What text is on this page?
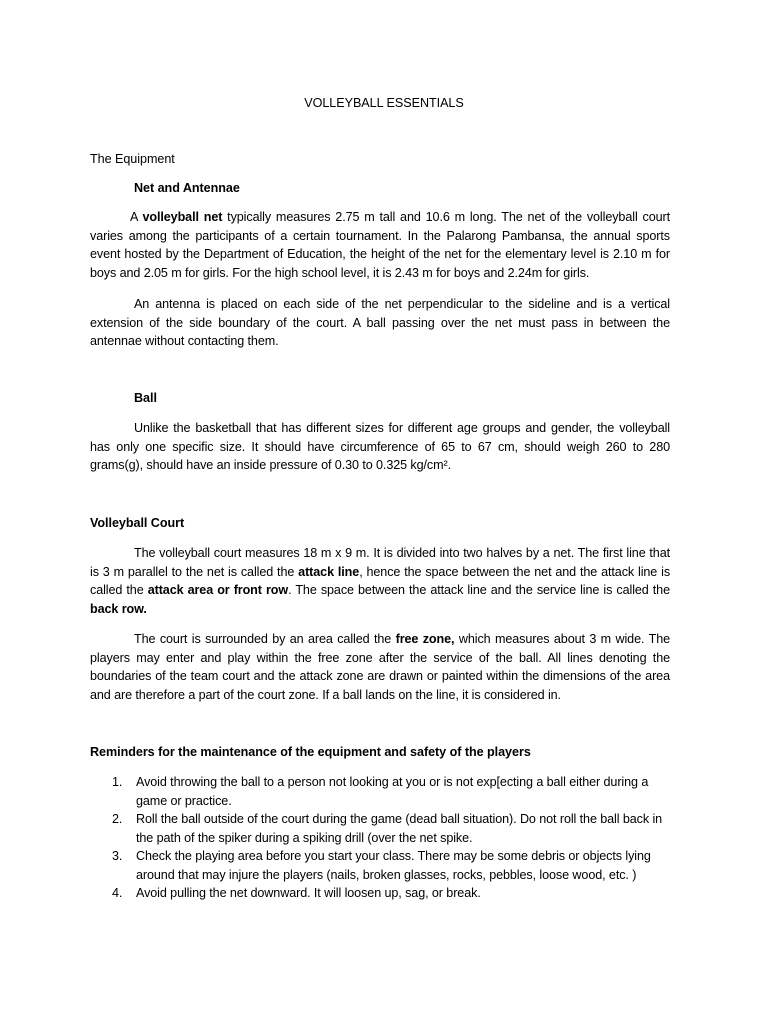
VOLLEYBALL ESSENTIALS
The Equipment
Net and Antennae
A volleyball net typically measures 2.75 m tall and 10.6 m long. The net of the volleyball court varies among the participants of a certain tournament. In the Palarong Pambansa, the annual sports event hosted by the Department of Education, the height of the net for the elementary level is 2.10 m for boys and 2.05 m for girls. For the high school level, it is 2.43 m for boys and 2.24m for girls.
An antenna is placed on each side of the net perpendicular to the sideline and is a vertical extension of the side boundary of the court. A ball passing over the net must pass in between the antennae without contacting them.
Ball
Unlike the basketball that has different sizes for different age groups and gender, the volleyball has only one specific size. It should have circumference of 65 to 67 cm, should weigh 260 to 280 grams(g), should have an inside pressure of 0.30 to 0.325 kg/cm².
Volleyball Court
The volleyball court measures 18 m x 9 m. It is divided into two halves by a net. The first line that is 3 m parallel to the net is called the attack line, hence the space between the net and the attack line is called the attack area or front row. The space between the attack line and the service line is called the back row.
The court is surrounded by an area called the free zone, which measures about 3 m wide. The players may enter and play within the free zone after the service of the ball. All lines denoting the boundaries of the team court and the attack zone are drawn or painted within the dimensions of the area and are therefore a part of the court zone. If a ball lands on the line, it is considered in.
Reminders for the maintenance of the equipment and safety of the players
1. Avoid throwing the ball to a person not looking at you or is not exp[ecting a ball either during a game or practice.
2. Roll the ball outside of the court during the game (dead ball situation). Do not roll the ball back in the path of the spiker during a spiking drill (over the net spike.
3. Check the playing area before you start your class. There may be some debris or objects lying around that may injure the players (nails, broken glasses, rocks, pebbles, loose wood, etc. )
4. Avoid pulling the net downward. It will loosen up, sag, or break.
